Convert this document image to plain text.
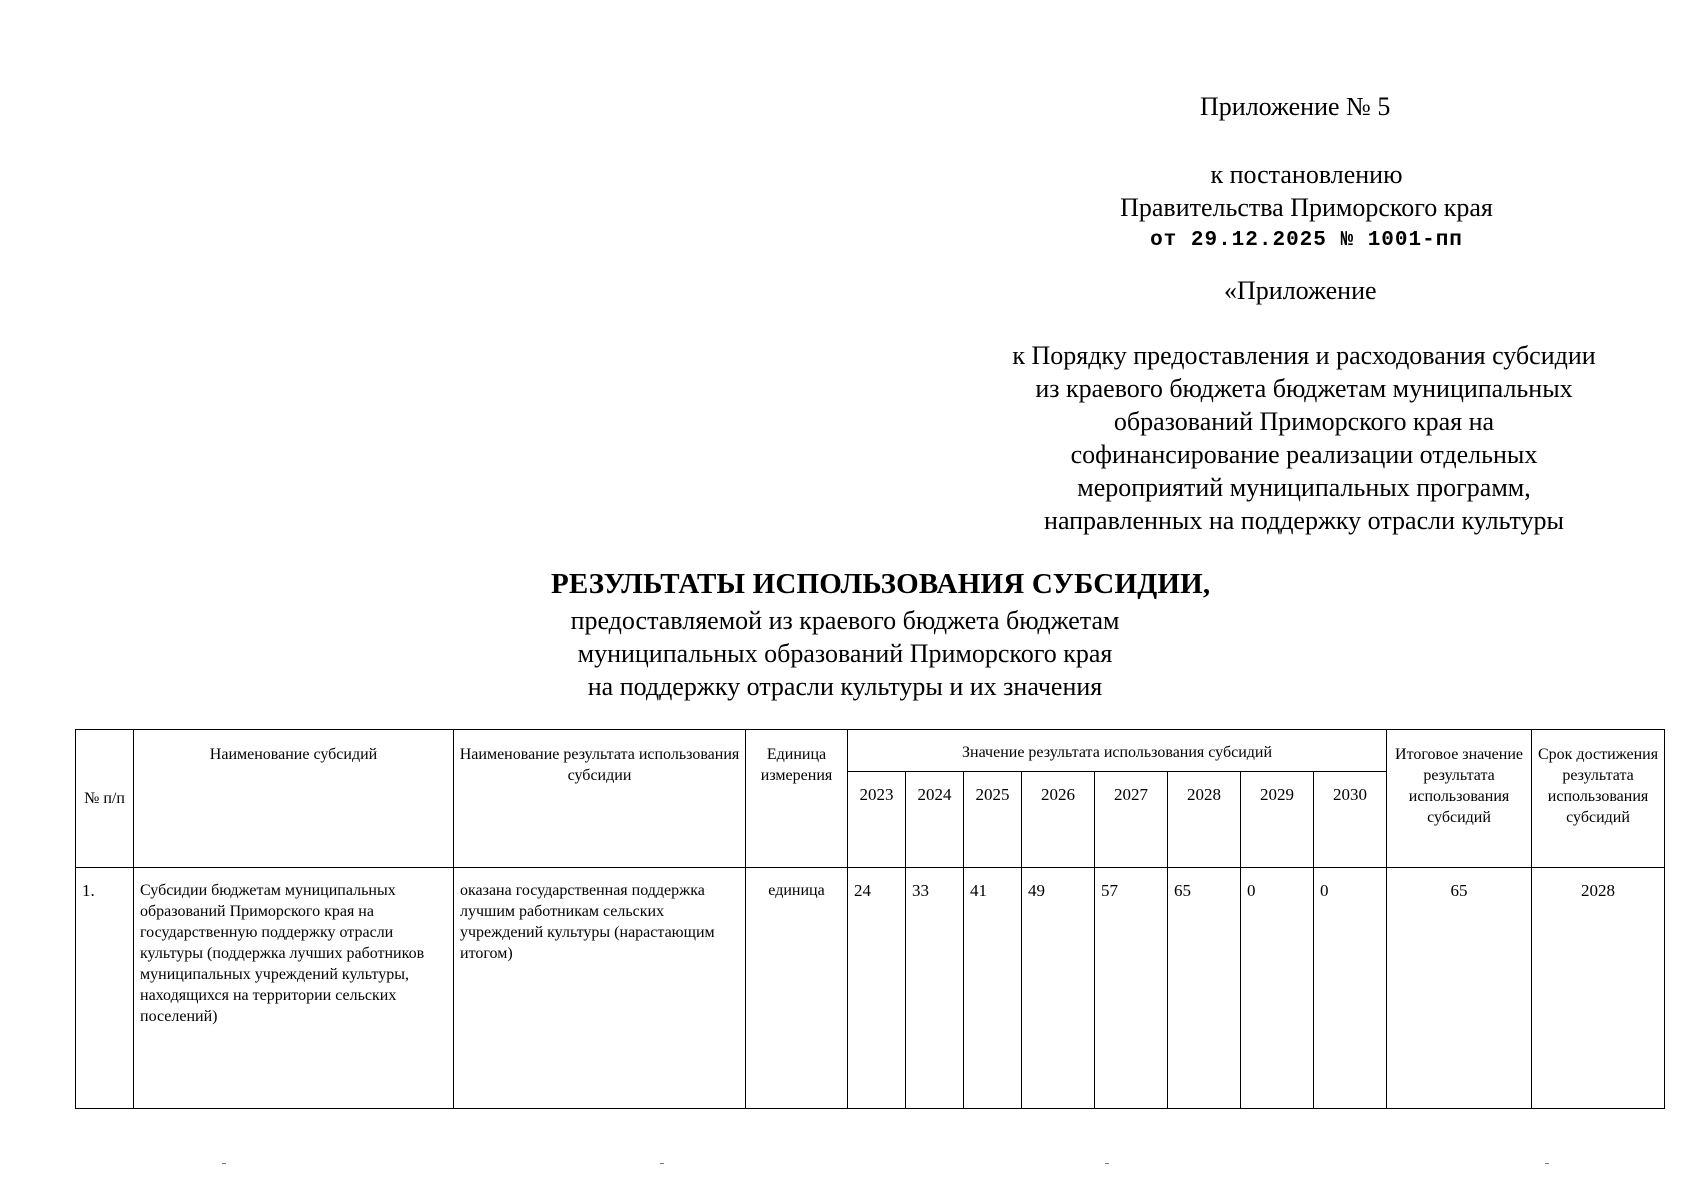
Приложение № 5
к постановлению
Правительства Приморского края
от 29.12.2025 № 1001-пп
«Приложение
к Порядку предоставления и расходования субсидии
из краевого бюджета бюджетам муниципальных
образований Приморского края на
софинансирование реализации отдельных
мероприятий муниципальных программ,
направленных на поддержку отрасли культуры
РЕЗУЛЬТАТЫ ИСПОЛЬЗОВАНИЯ СУБСИДИИ,
предоставляемой из краевого бюджета бюджетам
муниципальных образований Приморского края
на поддержку отрасли культуры и их значения
№ п/п	Наименование субсидий	Наименование результата использования субсидии	Единица измерения	Значение результата использования субсидий								Итоговое значение результата использования субсидий	Срок достижения результата использования субсидий
				2023	2024	2025	2026	2027	2028	2029	2030		
1.	Субсидии бюджетам муниципальных образований Приморского края на государственную поддержку отрасли культуры (поддержка лучших работников муниципальных учреждений культуры, находящихся на территории сельских поселений)	оказана государственная поддержка лучшим работникам сельских учреждений культуры (нарастающим итогом)	единица	24	33	41	49	57	65	0	0	65	2028
